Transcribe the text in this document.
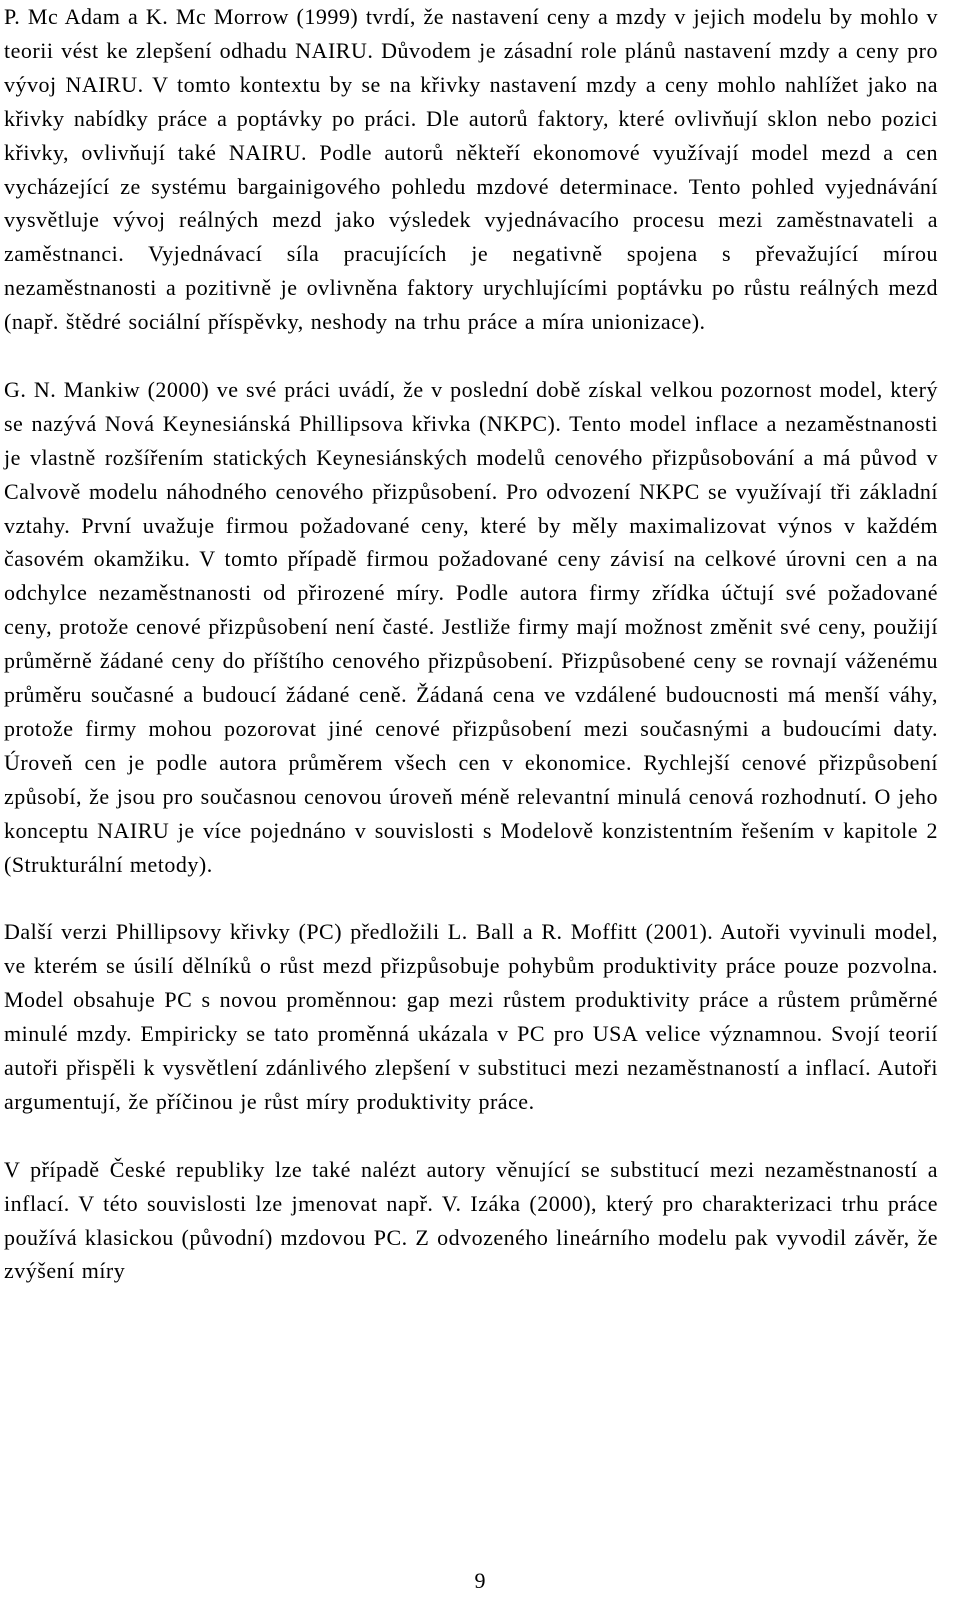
P. Mc Adam a K. Mc Morrow (1999) tvrdí, že nastavení ceny a mzdy v jejich modelu by mohlo v teorii vést ke zlepšení odhadu NAIRU. Důvodem je zásadní role plánů nastavení mzdy a ceny pro vývoj NAIRU. V tomto kontextu by se na křivky nastavení mzdy a ceny mohlo nahlížet jako na křivky nabídky práce a poptávky po práci. Dle autorů faktory, které ovlivňují sklon nebo pozici křivky, ovlivňují také NAIRU. Podle autorů někteří ekonomové využívají model mezd a cen vycházející ze systému bargainigového pohledu mzdové determinace. Tento pohled vyjednávání vysvětluje vývoj reálných mezd jako výsledek vyjednávacího procesu mezi zaměstnavateli a zaměstnanci. Vyjednávací síla pracujících je negativně spojena s převažující mírou nezaměstnanosti a pozitivně je ovlivněna faktory urychlujícími poptávku po růstu reálných mezd (např. štědré sociální příspěvky, neshody na trhu práce a míra unionizace).

G. N. Mankiw (2000) ve své práci uvádí, že v poslední době získal velkou pozornost model, který se nazývá Nová Keynesiánská Phillipsova křivka (NKPC). Tento model inflace a nezaměstnanosti je vlastně rozšířením statických Keynesiánských modelů cenového přizpůsobování a má původ v Calvově modelu náhodného cenového přizpůsobení. Pro odvození NKPC se využívají tři základní vztahy. První uvažuje firmou požadované ceny, které by měly maximalizovat výnos v každém časovém okamžiku. V tomto případě firmou požadované ceny závisí na celkové úrovni cen a na odchylce nezaměstnanosti od přirozené míry. Podle autora firmy zřídka účtují své požadované ceny, protože cenové přizpůsobení není časté. Jestliže firmy mají možnost změnit své ceny, použijí průměrně žádané ceny do příštího cenového přizpůsobení. Přizpůsobené ceny se rovnají váženému průměru současné a budoucí žádané ceně. Žádaná cena ve vzdálené budoucnosti má menší váhy, protože firmy mohou pozorovat jiné cenové přizpůsobení mezi současnými a budoucími daty. Úroveň cen je podle autora průměrem všech cen v ekonomice. Rychlejší cenové přizpůsobení způsobí, že jsou pro současnou cenovou úroveň méně relevantní minulá cenová rozhodnutí. O jeho konceptu NAIRU je více pojednáno v souvislosti s Modelově konzistentním řešením v kapitole 2 (Strukturální metody).

Další verzi Phillipsovy křivky (PC) předložili L. Ball a R. Moffitt (2001). Autoři vyvinuli model, ve kterém se úsilí dělníků o růst mezd přizpůsobuje pohybům produktivity práce pouze pozvolna. Model obsahuje PC s novou proměnnou: gap mezi růstem produktivity práce a růstem průměrné minulé mzdy. Empiricky se tato proměnná ukázala v PC pro USA velice významnou. Svojí teorií autoři přispěli k vysvětlení zdánlivého zlepšení v substituci mezi nezaměstnaností a inflací. Autoři argumentují, že příčinou je růst míry produktivity práce.

V případě České republiky lze také nalézt autory věnující se substitucí mezi nezaměstnaností a inflací. V této souvislosti lze jmenovat např. V. Izáka (2000), který pro charakterizaci trhu práce používá klasickou (původní) mzdovou PC. Z odvozeného lineárního modelu pak vyvodil závěr, že zvýšení míry

9
